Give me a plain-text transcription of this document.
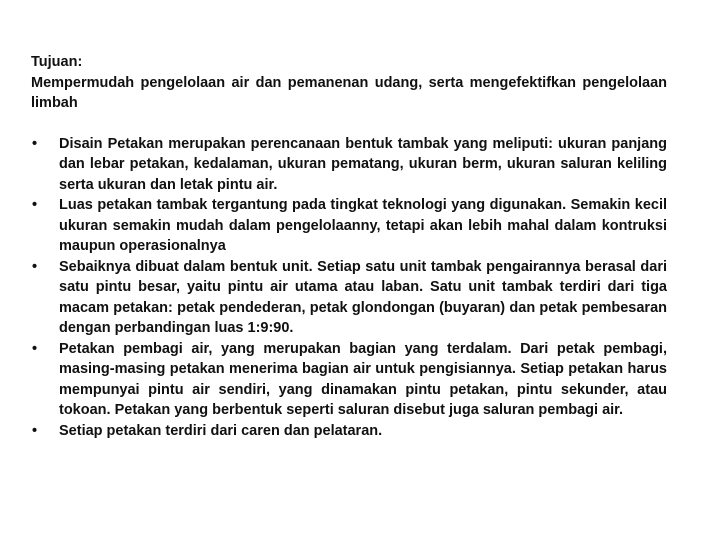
Tujuan:

Mempermudah pengelolaan air dan pemanenan udang, serta mengefektifkan pengelolaan limbah

• Disain Petakan merupakan perencanaan bentuk tambak yang meliputi: ukuran panjang dan lebar petakan, kedalaman, ukuran pematang, ukuran berm, ukuran saluran keliling serta ukuran dan letak pintu air.
• Luas petakan tambak tergantung pada tingkat teknologi yang digunakan. Semakin kecil ukuran semakin mudah dalam pengelolaanny, tetapi akan lebih mahal dalam kontruksi maupun operasionalnya
• Sebaiknya dibuat dalam bentuk unit. Setiap satu unit tambak pengairannya berasal dari satu pintu besar, yaitu pintu air utama atau laban. Satu unit tambak terdiri dari tiga macam petakan: petak pendederan, petak glondongan (buyaran) dan petak pembesaran dengan perbandingan luas 1:9:90.
• Petakan pembagi air, yang merupakan bagian yang terdalam. Dari petak pembagi, masing-masing petakan menerima bagian air untuk pengisiannya. Setiap petakan harus mempunyai pintu air sendiri, yang dinamakan pintu petakan, pintu sekunder, atau tokoan. Petakan yang berbentuk seperti saluran disebut juga saluran pembagi air.
• Setiap petakan terdiri dari caren dan pelataran.
